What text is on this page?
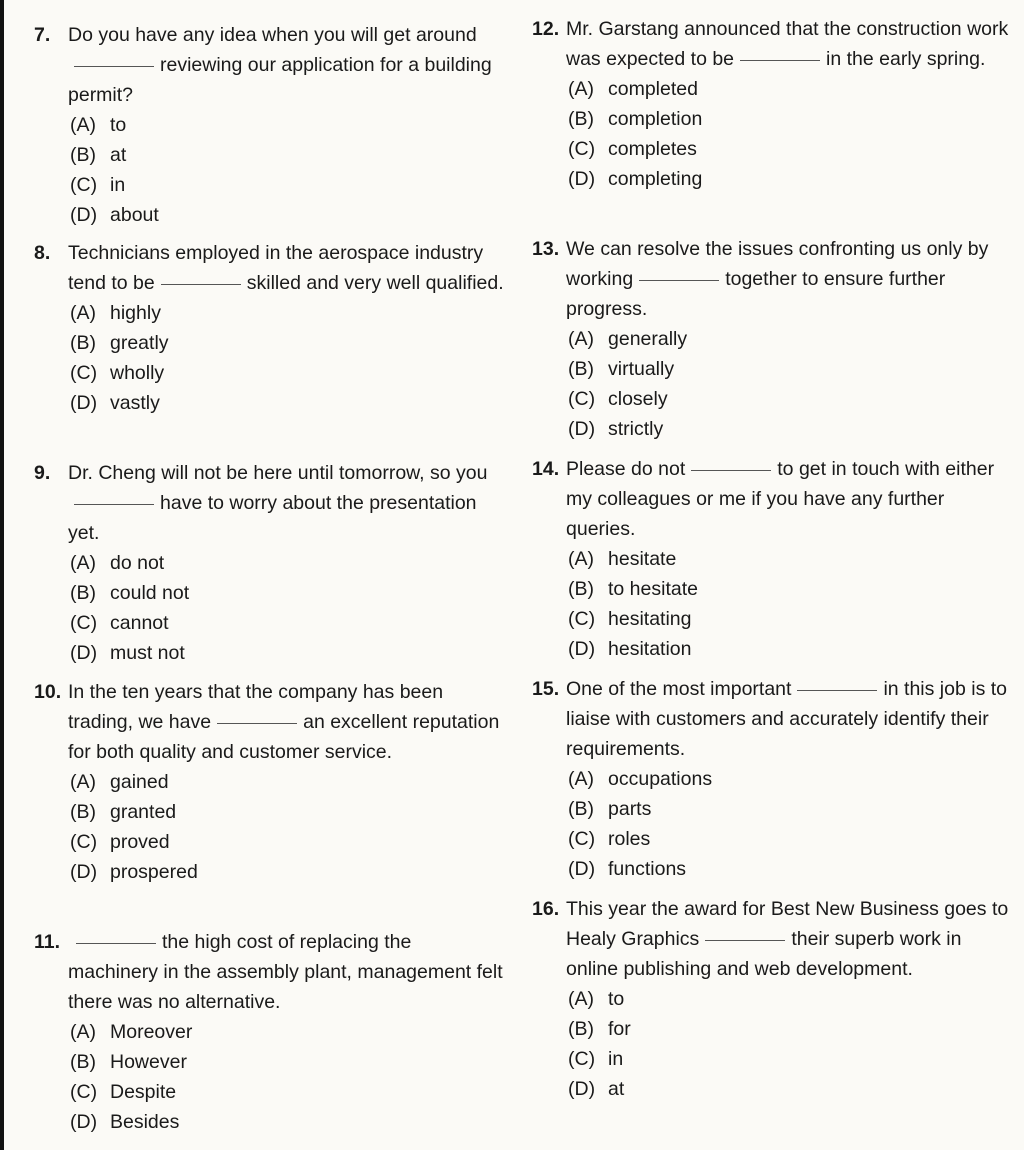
7. Do you have any idea when you will get aroundreviewing our application for a building permit?
(A) to
(B) at
(C) in
(D) about
8. Technicians employed in the aerospace industry tend to be	skilled and very well qualified.
(A) highly
(B) greatly
(C) wholly
(D) vastly
9. Dr. Cheng will not be here until tomorrow, so youhave to worry about the presentation yet.
(A) do not
(B) could not
(C) cannot
(D) must not
10. In the ten years that the company has been trading, we have	an excellent reputation for both quality and customer service.
(A) gained
(B) granted
(C) proved
(D) prospered
11.	the high cost of replacing the machinery in the assembly plant, management felt there was no alternative.
(A) Moreover
(B) However
(C) Despite
(D) Besides
12. Mr. Garstang announced that the construction work was expected to be	in the early spring.
(A) completed
(B) completion
(C) completes
(D) completing
13. We can resolve the issues confronting us only by working	together to ensure further progress.
(A) generally
(B) virtually
(C) closely
(D) strictly
14. Please do not	to get in touch with either my colleagues or me if you have any further queries.
(A) hesitate
(B) to hesitate
(C) hesitating
(D) hesitation
15. One of the most important	in this job is to liaise with customers and accurately identify their requirements.
(A) occupations
(B) parts
(C) roles
(D) functions
16. This year the award for Best New Business goes to Healy Graphics	their superb work in online publishing and web development.
(A) to
(B) for
(C) in
(D) at
